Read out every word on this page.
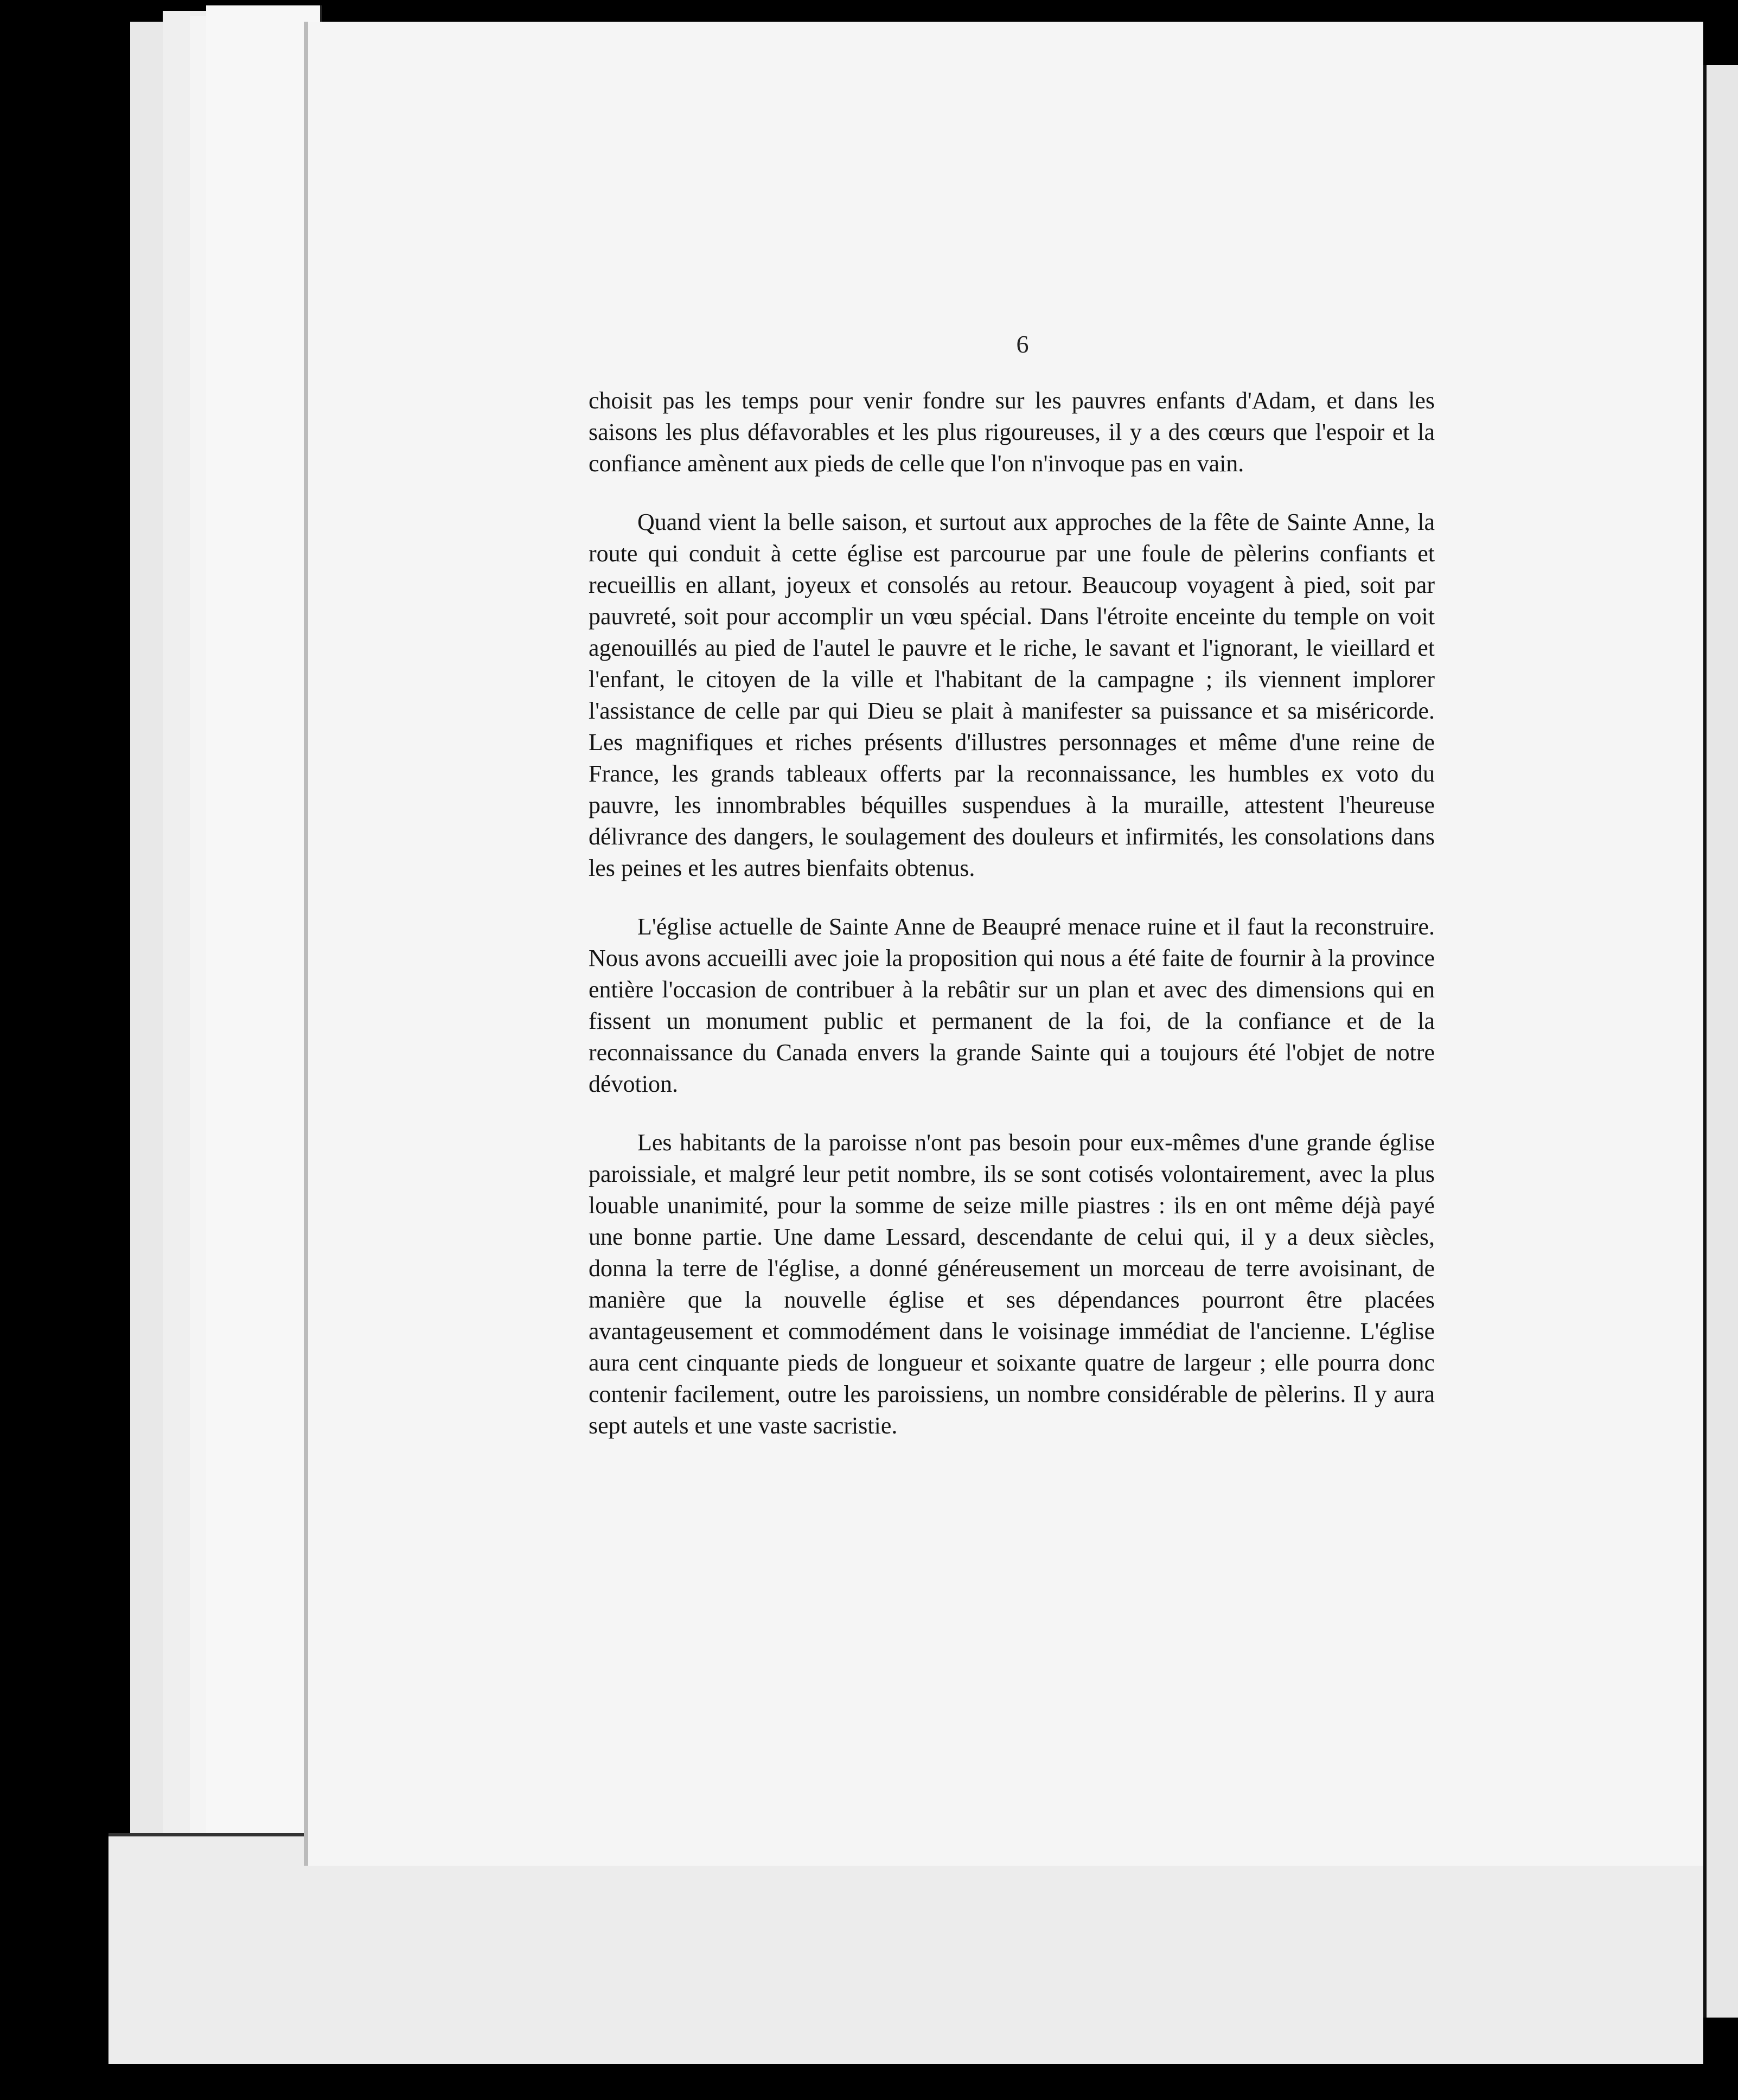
6

choisit pas les temps pour venir fondre sur les pauvres enfants d'Adam, et dans les saisons les plus défavorables et les plus rigoureuses, il y a des cœurs que l'espoir et la confiance amènent aux pieds de celle que l'on n'invoque pas en vain.

Quand vient la belle saison, et surtout aux approches de la fête de Sainte Anne, la route qui conduit à cette église est parcourue par une foule de pèlerins confiants et recueillis en allant, joyeux et consolés au retour. Beaucoup voyagent à pied, soit par pauvreté, soit pour accomplir un vœu spécial. Dans l'étroite enceinte du temple on voit agenouillés au pied de l'autel le pauvre et le riche, le savant et l'ignorant, le vieillard et l'enfant, le citoyen de la ville et l'habitant de la campagne ; ils viennent implorer l'assistance de celle par qui Dieu se plait à manifester sa puissance et sa miséricorde. Les magnifiques et riches présents d'illustres personnages et même d'une reine de France, les grands tableaux offerts par la reconnaissance, les humbles ex voto du pauvre, les innombrables béquilles suspendues à la muraille, attestent l'heureuse délivrance des dangers, le soulagement des douleurs et infirmités, les consolations dans les peines et les autres bienfaits obtenus.

L'église actuelle de Sainte Anne de Beaupré menace ruine et il faut la reconstruire. Nous avons accueilli avec joie la proposition qui nous a été faite de fournir à la province entière l'occasion de contribuer à la rebâtir sur un plan et avec des dimensions qui en fissent un monument public et permanent de la foi, de la confiance et de la reconnaissance du Canada envers la grande Sainte qui a toujours été l'objet de notre dévotion.

Les habitants de la paroisse n'ont pas besoin pour eux-mêmes d'une grande église paroissiale, et malgré leur petit nombre, ils se sont cotisés volontairement, avec la plus louable unanimité, pour la somme de seize mille piastres : ils en ont même déjà payé une bonne partie. Une dame Lessard, descendante de celui qui, il y a deux siècles, donna la terre de l'église, a donné généreusement un morceau de terre avoisinant, de manière que la nouvelle église et ses dépendances pourront être placées avantageusement et commodément dans le voisinage immédiat de l'ancienne. L'église aura cent cinquante pieds de longueur et soixante quatre de largeur ; elle pourra donc contenir facilement, outre les paroissiens, un nombre considérable de pèlerins. Il y aura sept autels et une vaste sacristie.
